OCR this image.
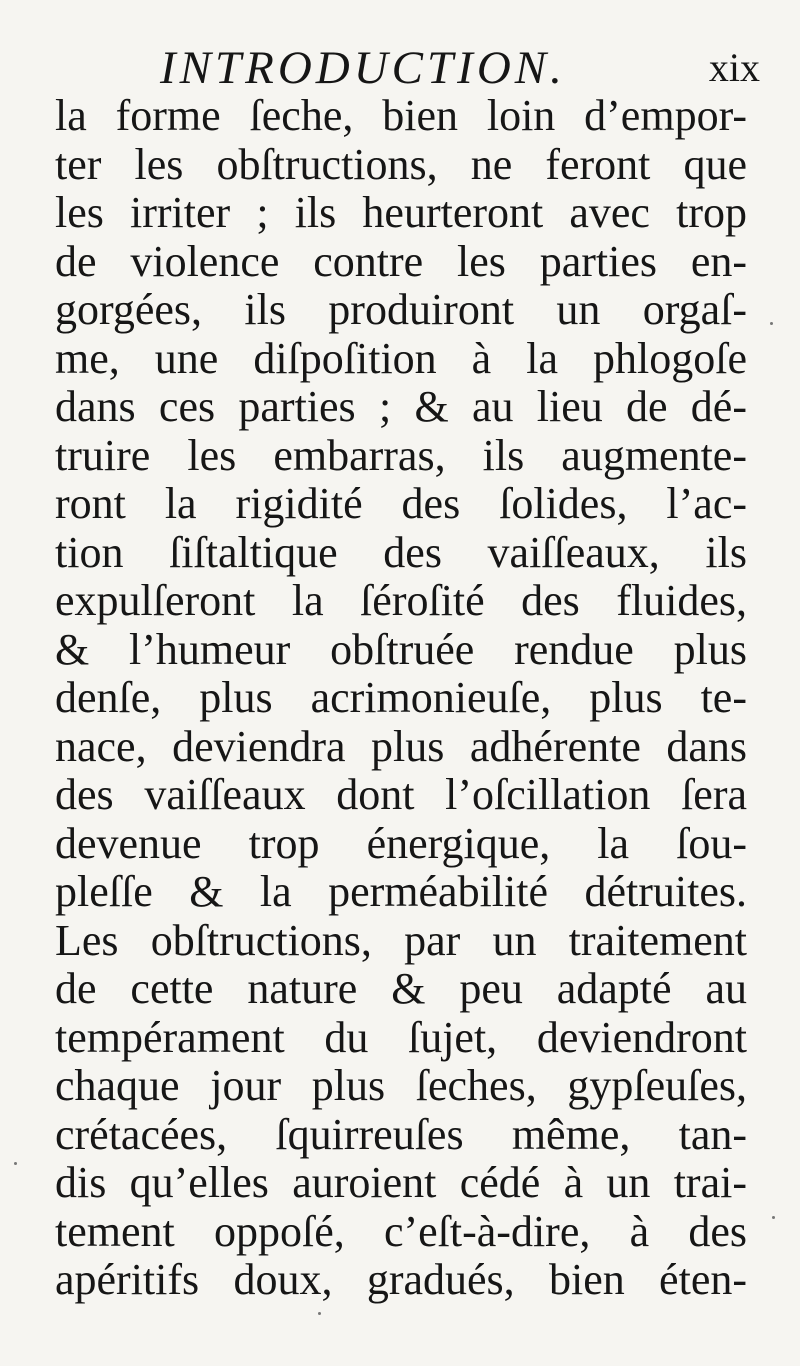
INTRODUCTION.	xix
la forme ſeche, bien loin d’empor-
ter les obſtructions, ne feront que
les irriter ; ils heurteront avec trop
de violence contre les parties en-
gorgées, ils produiront un orgaſ-
me, une diſpoſition à la phlogoſe
dans ces parties ; & au lieu de dé-
truire les embarras, ils augmente-
ront la rigidité des ſolides, l’ac-
tion ſiſtaltique des vaiſſeaux, ils
expulſeront la ſéroſité des fluides,
& l’humeur obſtruée rendue plus
denſe, plus acrimonieuſe, plus te-
nace, deviendra plus adhérente dans
des vaiſſeaux dont l’oſcillation ſera
devenue trop énergique, la ſou-
pleſſe & la perméabilité détruites.
Les obſtructions, par un traitement
de cette nature & peu adapté au
tempérament du ſujet, deviendront
chaque jour plus ſeches, gypſeuſes,
crétacées, ſquirreuſes même, tan-
dis qu’elles auroient cédé à un trai-
tement oppoſé, c’eſt-à-dire, à des
apéritifs doux, gradués, bien éten-
